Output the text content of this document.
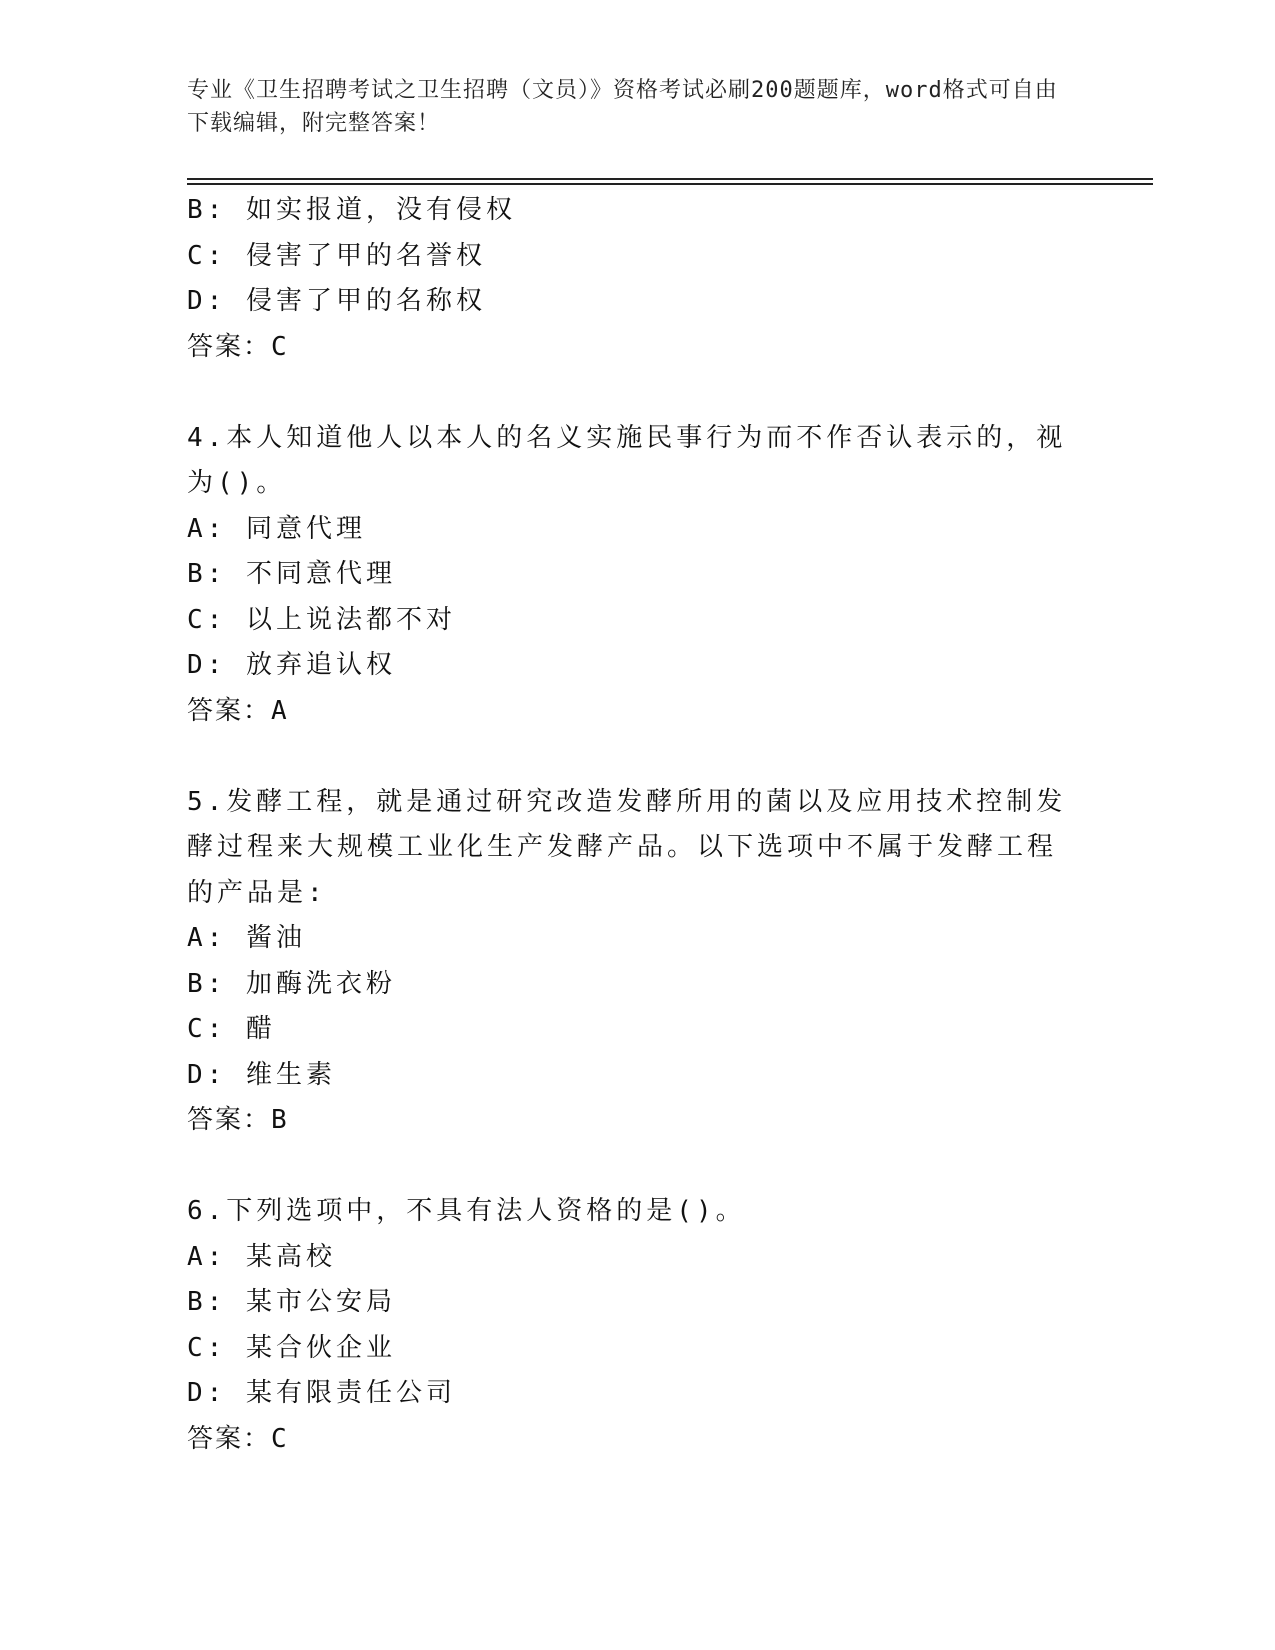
专业《卫生招聘考试之卫生招聘（文员）》资格考试必刷200题题库，word格式可自由下载编辑，附完整答案！
B: 如实报道，没有侵权
C: 侵害了甲的名誉权
D: 侵害了甲的名称权
答案：C
4.本人知道他人以本人的名义实施民事行为而不作否认表示的，视为()。
A: 同意代理
B: 不同意代理
C: 以上说法都不对
D: 放弃追认权
答案：A
5.发酵工程，就是通过研究改造发酵所用的菌以及应用技术控制发酵过程来大规模工业化生产发酵产品。以下选项中不属于发酵工程的产品是:
A: 酱油
B: 加酶洗衣粉
C: 醋
D: 维生素
答案：B
6.下列选项中，不具有法人资格的是()。
A: 某高校
B: 某市公安局
C: 某合伙企业
D: 某有限责任公司
答案：C
